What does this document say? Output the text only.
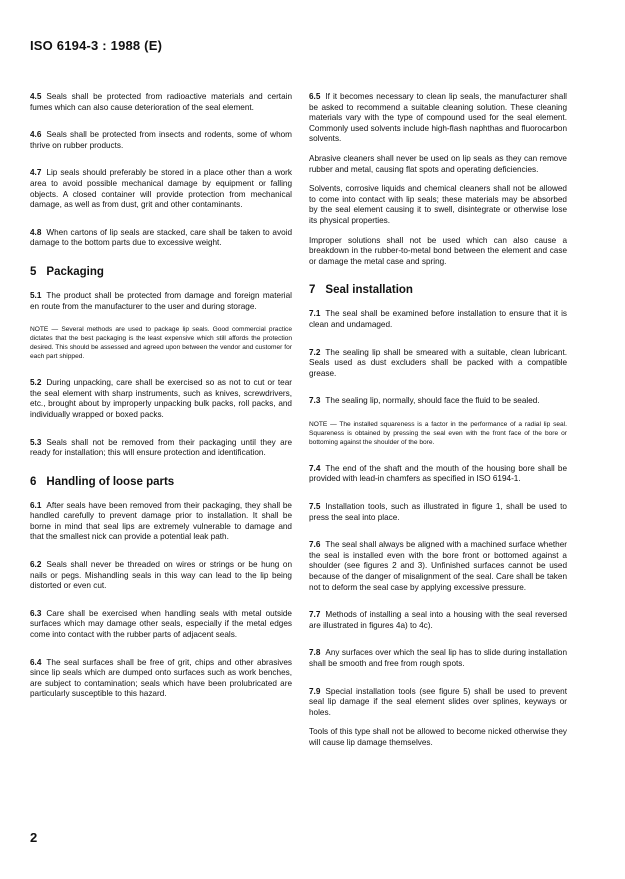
ISO 6194-3 : 1988 (E)

4.5 Seals shall be protected from radioactive materials and certain fumes which can also cause deterioration of the seal element.

4.6 Seals shall be protected from insects and rodents, some of whom thrive on rubber products.

4.7 Lip seals should preferably be stored in a place other than a work area to avoid possible mechanical damage by equipment or falling objects. A closed container will provide protection from mechanical damage, as well as from dust, grit and other contaminants.

4.8 When cartons of lip seals are stacked, care shall be taken to avoid damage to the bottom parts due to excessive weight.

5 Packaging

5.1 The product shall be protected from damage and foreign material en route from the manufacturer to the user and during storage.

NOTE — Several methods are used to package lip seals. Good commercial practice dictates that the best packaging is the least expensive which still affords the protection desired. This should be assessed and agreed upon between the vendor and customer for each part shipped.

5.2 During unpacking, care shall be exercised so as not to cut or tear the seal element with sharp instruments, such as knives, screwdrivers, etc., brought about by improperly unpacking bulk packs, roll packs, and individually wrapped or boxed packs.

5.3 Seals shall not be removed from their packaging until they are ready for installation; this will ensure protection and identification.

6 Handling of loose parts

6.1 After seals have been removed from their packaging, they shall be handled carefully to prevent damage prior to installation. It shall be borne in mind that seal lips are extremely vulnerable to damage and that the smallest nick can provide a potential leak path.

6.2 Seals shall never be threaded on wires or strings or be hung on nails or pegs. Mishandling seals in this way can lead to the lip being distorted or even cut.

6.3 Care shall be exercised when handling seals with metal outside surfaces which may damage other seals, especially if the metal edges come into contact with the rubber parts of adjacent seals.

6.4 The seal surfaces shall be free of grit, chips and other abrasives since lip seals which are dumped onto surfaces such as work benches, are subject to contamination; seals which have been prolubricated are particularly susceptible to this hazard.

6.5 If it becomes necessary to clean lip seals, the manufacturer shall be asked to recommend a suitable cleaning solution. These cleaning materials vary with the type of compound used for the seal element. Commonly used solvents include high-flash naphthas and fluorocarbon solvents.

Abrasive cleaners shall never be used on lip seals as they can remove rubber and metal, causing flat spots and operating deficiencies.

Solvents, corrosive liquids and chemical cleaners shall not be allowed to come into contact with lip seals; these materials may be absorbed by the seal element causing it to swell, disintegrate or otherwise lose its physical properties.

Improper solutions shall not be used which can also cause a breakdown in the rubber-to-metal bond between the element and case or damage the metal case and spring.

7 Seal installation

7.1 The seal shall be examined before installation to ensure that it is clean and undamaged.

7.2 The sealing lip shall be smeared with a suitable, clean lubricant. Seals used as dust excluders shall be packed with a compatible grease.

7.3 The sealing lip, normally, should face the fluid to be sealed.

NOTE — The installed squareness is a factor in the performance of a radial lip seal. Squareness is obtained by pressing the seal even with the front face of the bore or bottoming against the shoulder of the bore.

7.4 The end of the shaft and the mouth of the housing bore shall be provided with lead-in chamfers as specified in ISO 6194-1.

7.5 Installation tools, such as illustrated in figure 1, shall be used to press the seal into place.

7.6 The seal shall always be aligned with a machined surface whether the seal is installed even with the bore front or bottomed against a shoulder (see figures 2 and 3). Unfinished surfaces cannot be used because of the danger of misalignment of the seal. Care shall be taken not to deform the seal case by applying excessive pressure.

7.7 Methods of installing a seal into a housing with the seal reversed are illustrated in figures 4a) to 4c).

7.8 Any surfaces over which the seal lip has to slide during installation shall be smooth and free from rough spots.

7.9 Special installation tools (see figure 5) shall be used to prevent seal lip damage if the seal element slides over splines, keyways or holes.

Tools of this type shall not be allowed to become nicked otherwise they will cause lip damage themselves.

2
